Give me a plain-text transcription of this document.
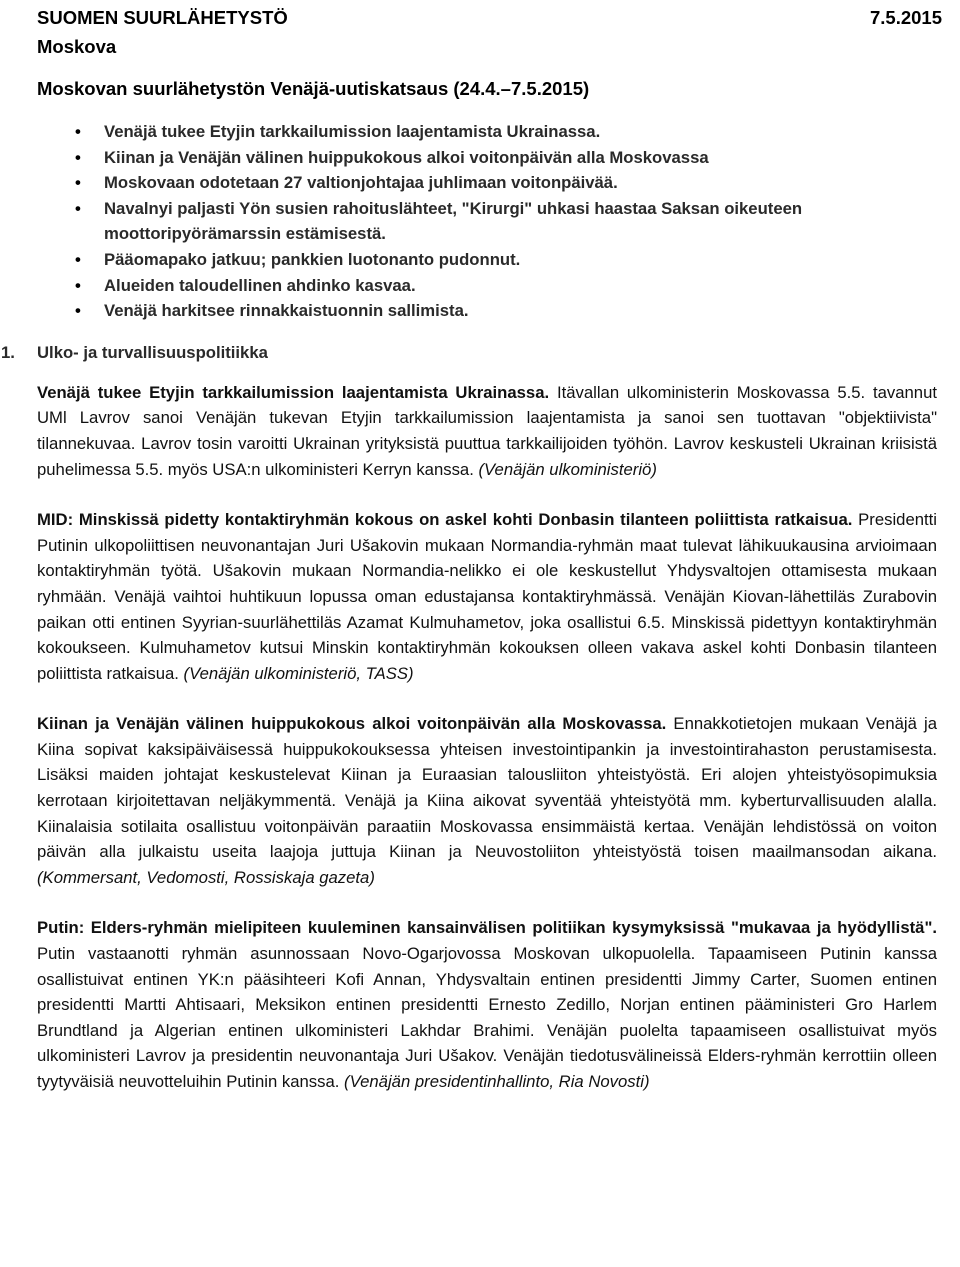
SUOMEN SUURLÄHETYSTÖ
Moskova
7.5.2015
Moskovan suurlähetystön Venäjä-uutiskatsaus (24.4.–7.5.2015)
• Venäjä tukee Etyjin tarkkailumission laajentamista Ukrainassa.
• Kiinan ja Venäjän välinen huippukokous alkoi voitonpäivän alla Moskovassa
• Moskovaan odotetaan 27 valtionjohtajaa juhlimaan voitonpäivää.
• Navalnyi paljasti Yön susien rahoituslähteet, "Kirurgi" uhkasi haastaa Saksan oikeuteen moottoripyörämarssin estämisestä.
• Pääomapako jatkuu; pankkien luotonanto pudonnut.
• Alueiden taloudellinen ahdinko kasvaa.
• Venäjä harkitsee rinnakkaistuonnin sallimista.
1. Ulko- ja turvallisuuspolitiikka

Venäjä tukee Etyjin tarkkailumission laajentamista Ukrainassa. Itävallan ulkoministerin Moskovassa 5.5. tavannut UMl Lavrov sanoi Venäjän tukevan Etyjin tarkkailumission laajentamista ja sanoi sen tuottavan "objektiivista" tilannekuvaa. Lavrov tosin varoitti Ukrainan yrityksistä puuttua tarkkailijoiden työhön. Lavrov keskusteli Ukrainan kriisistä puhelimessa 5.5. myös USA:n ulkoministeri Kerryn kanssa. (Venäjän ulkoministeriö)

MID: Minskissä pidetty kontaktiryhmän kokous on askel kohti Donbasin tilanteen poliittista ratkaisua. Presidentti Putinin ulkopoliittisen neuvonantajan Juri Ušakovin mukaan Normandia-ryhmän maat tulevat lähikuukausina arvioimaan kontaktiryhmän työtä. Ušakovin mukaan Normandia-nelikko ei ole keskustellut Yhdysvaltojen ottamisesta mukaan ryhmään. Venäjä vaihtoi huhtikuun lopussa oman edustajansa kontaktiryhmässä. Venäjän Kiovan-lähettiläs Zurabovin paikan otti entinen Syyrian-suurlähettiläs Azamat Kulmuhametov, joka osallistui 6.5. Minskissä pidettyyn kontaktiryhmän kokoukseen. Kulmuhametov kutsui Minskin kontaktiryhmän kokouksen olleen vakava askel kohti Donbasin tilanteen poliittista ratkaisua. (Venäjän ulkoministeriö, TASS)

Kiinan ja Venäjän välinen huippukokous alkoi voitonpäivän alla Moskovassa. Ennakkotietojen mukaan Venäjä ja Kiina sopivat kaksipäiväisessä huippukokouksessa yhteisen investointipankin ja investointirahaston perustamisesta. Lisäksi maiden johtajat keskustelevat Kiinan ja Euraasian talousliiton yhteistyöstä. Eri alojen yhteistyösopimuksia kerrotaan kirjoitettavan neljäkymmentä. Venäjä ja Kiina aikovat syventää yhteistyötä mm. kyberturvallisuuden alalla. Kiinalaisia sotilaita osallistuu voitonpäivän paraatiin Moskovassa ensimmäistä kertaa. Venäjän lehdistössä on voiton päivän alla julkaistu useita laajoja juttuja Kiinan ja Neuvostoliiton yhteistyöstä toisen maailmansodan aikana. (Kommersant, Vedomosti, Rossiskaja gazeta)

Putin: Elders-ryhmän mielipiteen kuuleminen kansainvälisen politiikan kysymyksissä "mukavaa ja hyödyllistä". Putin vastaanotti ryhmän asunnossaan Novo-Ogarjovossa Moskovan ulkopuolella. Tapaamiseen Putinin kanssa osallistuivat entinen YK:n pääsihteeri Kofi Annan, Yhdysvaltain entinen presidentti Jimmy Carter, Suomen entinen presidentti Martti Ahtisaari, Meksikon entinen presidentti Ernesto Zedillo, Norjan entinen pääministeri Gro Harlem Brundtland ja Algerian entinen ulkoministeri Lakhdar Brahimi. Venäjän puolelta tapaamiseen osallistuivat myös ulkoministeri Lavrov ja presidentin neuvonantaja Juri Ušakov. Venäjän tiedotusvälineissä Elders-ryhmän kerrottiin olleen tyytyväisiä neuvotteluihin Putinin kanssa. (Venäjän presidentinhallinto, Ria Novosti)
